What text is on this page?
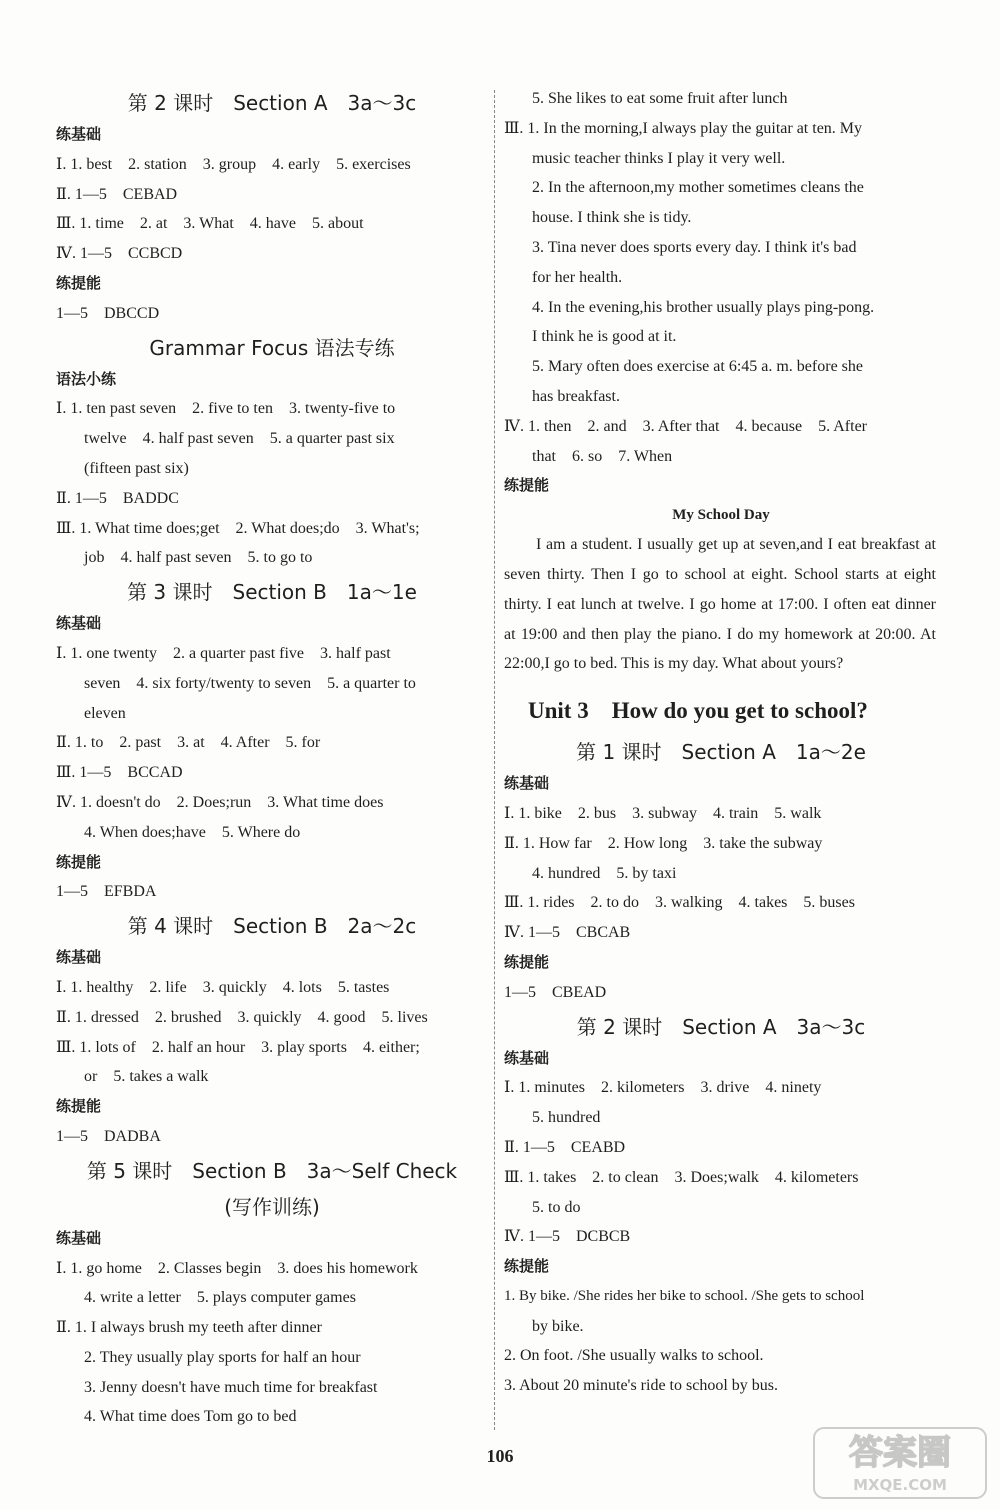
第 2 课时　Section A　3a～3c
练基础
Ⅰ. 1. best　2. station　3. group　4. early　5. exercises
Ⅱ. 1—5　CEBAD
Ⅲ. 1. time　2. at　3. What　4. have　5. about
Ⅳ. 1—5　CCBCD
练提能
1—5　DBCCD
Grammar Focus 语法专练
语法小练
Ⅰ. 1. ten past seven　2. five to ten　3. twenty-five to
twelve　4. half past seven　5. a quarter past six
(fifteen past six)
Ⅱ. 1—5　BADDC
Ⅲ. 1. What time does;get　2. What does;do　3. What's;
job　4. half past seven　5. to go to
第 3 课时　Section B　1a～1e
练基础
Ⅰ. 1. one twenty　2. a quarter past five　3. half past
seven　4. six forty/twenty to seven　5. a quarter to
eleven
Ⅱ. 1. to　2. past　3. at　4. After　5. for
Ⅲ. 1—5　BCCAD
Ⅳ. 1. doesn't do　2. Does;run　3. What time does
4. When does;have　5. Where do
练提能
1—5　EFBDA
第 4 课时　Section B　2a～2c
练基础
Ⅰ. 1. healthy　2. life　3. quickly　4. lots　5. tastes
Ⅱ. 1. dressed　2. brushed　3. quickly　4. good　5. lives
Ⅲ. 1. lots of　2. half an hour　3. play sports　4. either;
or　5. takes a walk
练提能
1—5　DADBA
第 5 课时　Section B　3a～Self Check
(写作训练)
练基础
Ⅰ. 1. go home　2. Classes begin　3. does his homework
4. write a letter　5. plays computer games
Ⅱ. 1. I always brush my teeth after dinner
2. They usually play sports for half an hour
3. Jenny doesn't have much time for breakfast
4. What time does Tom go to bed
5. She likes to eat some fruit after lunch
Ⅲ. 1. In the morning,I always play the guitar at ten. My
music teacher thinks I play it very well.
2. In the afternoon,my mother sometimes cleans the
house. I think she is tidy.
3. Tina never does sports every day. I think it's bad
for her health.
4. In the evening,his brother usually plays ping-pong.
I think he is good at it.
5. Mary often does exercise at 6:45 a. m. before she
has breakfast.
Ⅳ. 1. then　2. and　3. After that　4. because　5. After
that　6. so　7. When
练提能
My School Day

I am a student. I usually get up at seven,and I eat breakfast at seven thirty. Then I go to school at eight. School starts at eight thirty. I eat lunch at twelve. I go home at 17:00. I often eat dinner at 19:00 and then play the piano. I do my homework at 20:00. At 22:00,I go to bed. This is my day. What about yours?

Unit 3　How do you get to school?
第 1 课时　Section A　1a～2e
练基础
Ⅰ. 1. bike　2. bus　3. subway　4. train　5. walk
Ⅱ. 1. How far　2. How long　3. take the subway
4. hundred　5. by taxi
Ⅲ. 1. rides　2. to do　3. walking　4. takes　5. buses
Ⅳ. 1—5　CBCAB
练提能
1—5　CBEAD
第 2 课时　Section A　3a～3c
练基础
Ⅰ. 1. minutes　2. kilometers　3. drive　4. ninety
5. hundred
Ⅱ. 1—5　CEABD
Ⅲ. 1. takes　2. to clean　3. Does;walk　4. kilometers
5. to do
Ⅳ. 1—5　DCBCB
练提能
1. By bike. /She rides her bike to school. /She gets to school
by bike.
2. On foot. /She usually walks to school.
3. About 20 minute's ride to school by bus.
106	答案圈
MXQE.COM
